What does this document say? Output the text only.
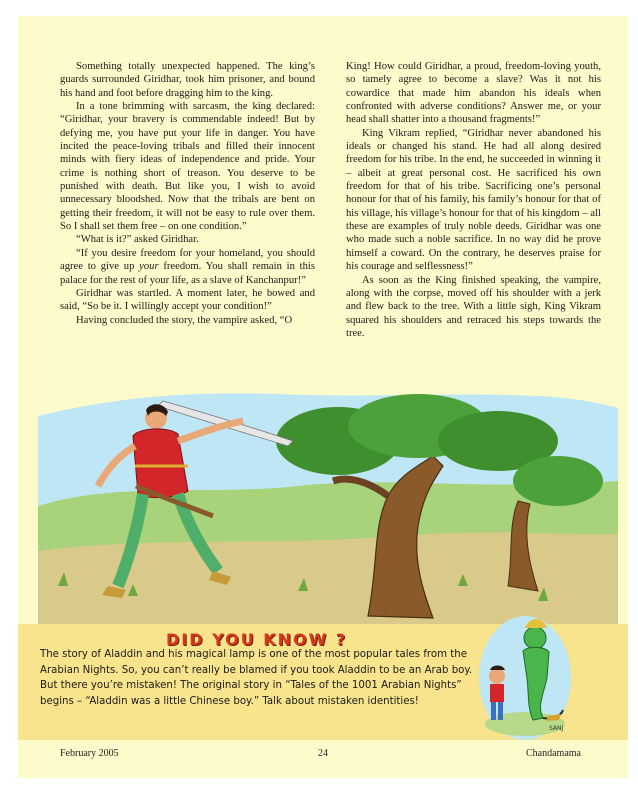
Something totally unexpected happened. The king’s guards surrounded Giridhar, took him prisoner, and bound his hand and foot before dragging him to the king.

In a tone brimming with sarcasm, the king declared: “Giridhar, your bravery is commendable indeed! But by defying me, you have put your life in danger. You have incited the peace-loving tribals and filled their innocent minds with fiery ideas of independence and pride. Your crime is nothing short of treason. You deserve to be punished with death. But like you, I wish to avoid unnecessary bloodshed. Now that the tribals are bent on getting their freedom, it will not be easy to rule over them. So I shall set them free – on one condition.”

“What is it?” asked Giridhar.

“If you desire freedom for your homeland, you should agree to give up your freedom. You shall remain in this palace for the rest of your life, as a slave of Kanchanpur!”

Giridhar was startled. A moment later, he bowed and said, “So be it. I willingly accept your condition!”

Having concluded the story, the vampire asked, “O

King! How could Giridhar, a proud, freedom-loving youth, so tamely agree to become a slave? Was it not his cowardice that made him abandon his ideals when confronted with adverse conditions? Answer me, or your head shall shatter into a thousand fragments!”

King Vikram replied, “Giridhar never abandoned his ideals or changed his stand. He had all along desired freedom for his tribe. In the end, he succeeded in winning it – albeit at great personal cost. He sacrificed his own freedom for that of his tribe. Sacrificing one’s personal honour for that of his family, his family’s honour for that of his village, his village’s honour for that of his kingdom – all these are examples of truly noble deeds. Giridhar was one who made such a noble sacrifice. In no way did he prove himself a coward. On the contrary, he deserves praise for his courage and selflessness!”

As soon as the King finished speaking, the vampire, along with the corpse, moved off his shoulder with a jerk and flew back to the tree. With a little sigh, King Vikram squared his shoulders and retraced his steps towards the tree.

DID YOU KNOW ?
The story of Aladdin and his magical lamp is one of the most popular tales from the Arabian Nights. So, you can’t really be blamed if you took Aladdin to be an Arab boy. But there you’re mistaken! The original story in “Tales of the 1001 Arabian Nights” begins – “Aladdin was a little Chinese boy.” Talk about mistaken identities!
SANJ
February 2005	24	Chandamama
